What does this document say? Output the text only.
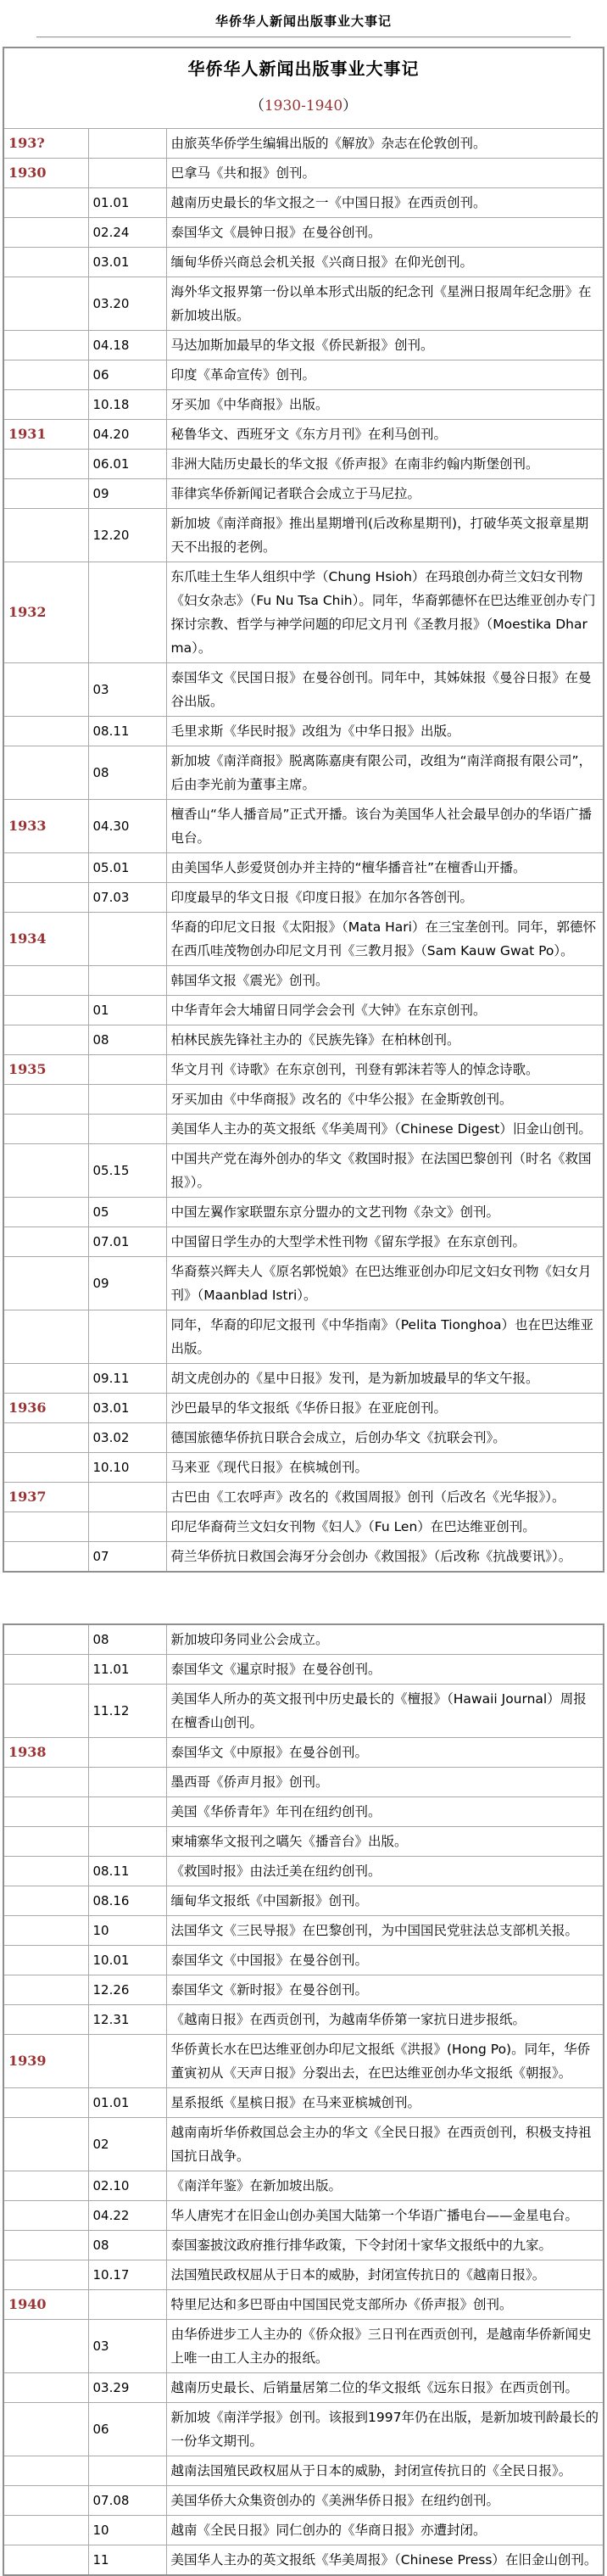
华侨华人新闻出版事业大事记
华侨华人新闻出版事业大事记
（1930-1940）		

193?		由旅英华侨学生编辑出版的《解放》杂志在伦敦创刊。
1930		巴拿马《共和报》创刊。
	01.01	越南历史最长的华文报之一《中国日报》在西贡创刊。
	02.24	泰国华文《晨钟日报》在曼谷创刊。
	03.01	缅甸华侨兴商总会机关报《兴商日报》在仰光创刊。
	03.20	海外华文报界第一份以单本形式出版的纪念刊《星洲日报周年纪念册》在新加坡出版。
	04.18	马达加斯加最早的华文报《侨民新报》创刊。
	06	印度《革命宣传》创刊。
	10.18	牙买加《中华商报》出版。
1931	04.20	秘鲁华文、西班牙文《东方月刊》在利马创刊。
	06.01	非洲大陆历史最长的华文报《侨声报》在南非约翰内斯堡创刊。
	09	菲律宾华侨新闻记者联合会成立于马尼拉。
	12.20	新加坡《南洋商报》推出星期增刊(后改称星期刊)，打破华英文报章星期天不出报的老例。
1932		东爪哇土生华人组织中学（Chung Hsioh）在玛琅创办荷兰文妇女刊物《妇女杂志》（Fu Nu Tsa Chih）。同年，华裔郭德怀在巴达维亚创办专门探讨宗教、哲学与神学问题的印尼文月刊《圣教月报》（Moestika Dharma）。
	03	泰国华文《民国日报》在曼谷创刊。同年中，其姊妹报《曼谷日报》在曼谷出版。
	08.11	毛里求斯《华民时报》改组为《中华日报》出版。
	08	新加坡《南洋商报》脱离陈嘉庚有限公司，改组为“南洋商报有限公司”，后由李光前为董事主席。
1933	04.30	檀香山“华人播音局”正式开播。该台为美国华人社会最早创办的华语广播电台。
	05.01	由美国华人彭爱贤创办并主持的“檀华播音社”在檀香山开播。
	07.03	印度最早的华文日报《印度日报》在加尔各答创刊。
1934		华裔的印尼文日报《太阳报》（Mata Hari）在三宝垄创刊。同年，郭德怀在西爪哇茂物创办印尼文月刊《三教月报》（Sam Kauw Gwat Po）。
		韩国华文报《震光》创刊。
	01	中华青年会大埔留日同学会会刊《大钟》在东京创刊。
	08	柏林民族先锋社主办的《民族先锋》在柏林创刊。
1935		华文月刊《诗歌》在东京创刊，刊登有郭沫若等人的悼念诗歌。
		牙买加由《中华商报》改名的《中华公报》在金斯敦创刊。
		美国华人主办的英文报纸《华美周刊》（Chinese Digest）旧金山创刊。
	05.15	中国共产党在海外创办的华文《救国时报》在法国巴黎创刊（时名《救国报》）。
	05	中国左翼作家联盟东京分盟办的文艺刊物《杂文》创刊。
	07.01	中国留日学生办的大型学术性刊物《留东学报》在东京创刊。
	09	华裔蔡兴辉夫人《原名郭悦娘》在巴达维亚创办印尼文妇女刊物《妇女月刊》（Maanblad Istri）。
		同年，华裔的印尼文报刊《中华指南》（Pelita Tionghoa）也在巴达维亚出版。
	09.11	胡文虎创办的《星中日报》发刊，是为新加坡最早的华文午报。
1936	03.01	沙巴最早的华文报纸《华侨日报》在亚庇创刊。
	03.02	德国旅德华侨抗日联合会成立，后创办华文《抗联会刊》。
	10.10	马来亚《现代日报》在槟城创刊。
1937		古巴由《工农呼声》改名的《救国周报》创刊（后改名《光华报》）。
		印尼华裔荷兰文妇女刊物《妇人》（Fu Len）在巴达维亚创刊。
	07	荷兰华侨抗日救国会海牙分会创办《救国报》（后改称《抗战要讯》）。
	08	新加坡印务同业公会成立。
	11.01	泰国华文《暹京时报》在曼谷创刊。
	11.12	美国华人所办的英文报刊中历史最长的《檀报》（Hawaii Journal）周报在檀香山创刊。
1938		泰国华文《中原报》在曼谷创刊。
		墨西哥《侨声月报》创刊。
		美国《华侨青年》年刊在纽约创刊。
		柬埔寨华文报刊之嚆矢《播音台》出版。
	08.11	《救国时报》由法迁美在纽约创刊。
	08.16	缅甸华文报纸《中国新报》创刊。
	10	法国华文《三民导报》在巴黎创刊，为中国国民党驻法总支部机关报。
	10.01	泰国华文《中国报》在曼谷创刊。
	12.26	泰国华文《新时报》在曼谷创刊。
	12.31	《越南日报》在西贡创刊，为越南华侨第一家抗日进步报纸。
1939		华侨黄长水在巴达维亚创办印尼文报纸《洪报》(Hong Po)。同年，华侨董寅初从《天声日报》分裂出去，在巴达维亚创办华文报纸《朝报》。
	01.01	星系报纸《星槟日报》在马来亚槟城创刊。
	02	越南南圻华侨救国总会主办的华文《全民日报》在西贡创刊，积极支持祖国抗日战争。
	02.10	《南洋年鉴》在新加坡出版。
	04.22	华人唐宪才在旧金山创办美国大陆第一个华语广播电台——金星电台。
	08	泰国銮披汶政府推行排华政策，下令封闭十家华文报纸中的九家。
	10.17	法国殖民政权屈从于日本的威胁，封闭宣传抗日的《越南日报》。
1940		特里尼达和多巴哥由中国国民党支部所办《侨声报》创刊。
	03	由华侨进步工人主办的《侨众报》三日刊在西贡创刊，是越南华侨新闻史上唯一由工人主办的报纸。
	03.29	越南历史最长、后销量居第二位的华文报纸《远东日报》在西贡创刊。
	06	新加坡《南洋学报》创刊。该报到1997年仍在出版，是新加坡刊龄最长的一份华文期刊。
		越南法国殖民政权屈从于日本的威胁，封闭宣传抗日的《全民日报》。
	07.08	美国华侨大众集资创办的《美洲华侨日报》在纽约创刊。
	10	越南《全民日报》同仁创办的《华商日报》亦遭封闭。
	11	美国华人主办的英文报纸《华美周报》（Chinese Press）在旧金山创刊。
